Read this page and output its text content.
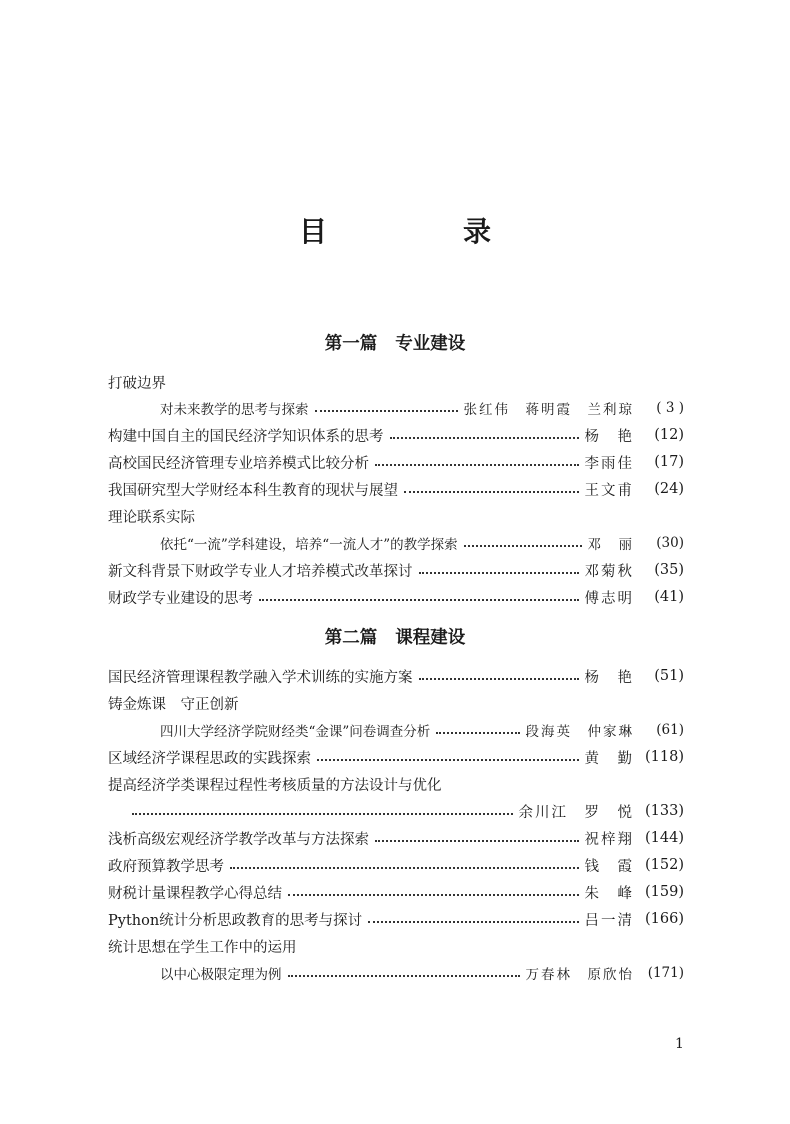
目　录
第一篇 专业建设
打破边界
对未来教学的思考与探索	张红伟　蒋明霞　兰利琼	( 3 )
构建中国自主的国民经济学知识体系的思考	杨　艳	(12)
高校国民经济管理专业培养模式比较分析	李雨佳	(17)
我国研究型大学财经本科生教育的现状与展望	王文甫	(24)
理论联系实际
依托“一流”学科建设，培养“一流人才”的教学探索	邓　丽	(30)
新文科背景下财政学专业人才培养模式改革探讨	邓菊秋	(35)
财政学专业建设的思考	傅志明	(41)
第二篇 课程建设
国民经济管理课程教学融入学术训练的实施方案	杨　艳	(51)
铸金炼课　守正创新
四川大学经济学院财经类“金课”问卷调查分析	段海英　仲家琳	(61)
区域经济学课程思政的实践探索	黄　勤 (118)
提高经济学类课程过程性考核质量的方法设计与优化
余川江　罗　悦 (133)
浅析高级宏观经济学教学改革与方法探索	祝梓翔 (144)
政府预算教学思考	钱　霞 (152)
财税计量课程教学心得总结	朱　峰 (159)
Python统计分析思政教育的思考与探讨	吕一清 (166)
统计思想在学生工作中的运用
以中心极限定理为例	万春林　原欣怡	(171)
1
